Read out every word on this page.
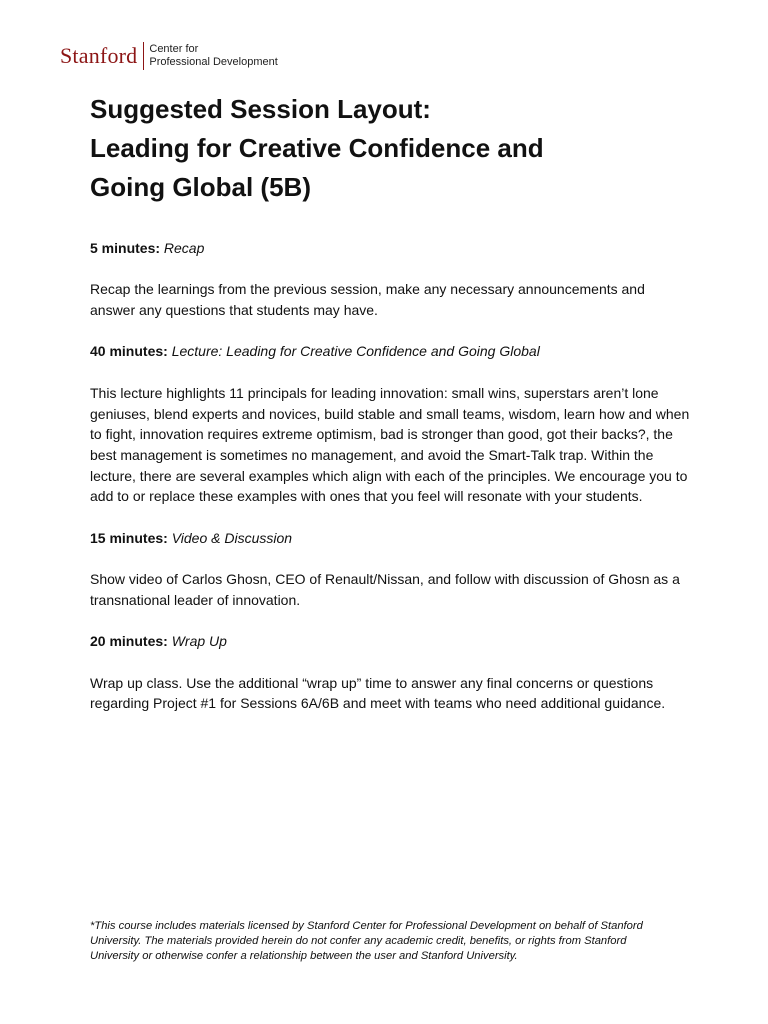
Stanford Center for
Professional Development
Suggested Session Layout:
Leading for Creative Confidence and
Going Global (5B)

5 minutes: Recap

Recap the learnings from the previous session, make any necessary announcements and answer any questions that students may have.

40 minutes: Lecture: Leading for Creative Confidence and Going Global

This lecture highlights 11 principals for leading innovation: small wins, superstars aren’t lone geniuses, blend experts and novices, build stable and small teams, wisdom, learn how and when to fight, innovation requires extreme optimism, bad is stronger than good, got their backs?, the best management is sometimes no management, and avoid the Smart-Talk trap. Within the lecture, there are several examples which align with each of the principles. We encourage you to add to or replace these examples with ones that you feel will resonate with your students.

15 minutes: Video & Discussion

Show video of Carlos Ghosn, CEO of Renault/Nissan, and follow with discussion of Ghosn as a transnational leader of innovation.

20 minutes: Wrap Up

Wrap up class. Use the additional “wrap up” time to answer any final concerns or questions regarding Project #1 for Sessions 6A/6B and meet with teams who need additional guidance.

*This course includes materials licensed by Stanford Center for Professional Development on behalf of Stanford University. The materials provided herein do not confer any academic credit, benefits, or rights from Stanford University or otherwise confer a relationship between the user and Stanford University.
